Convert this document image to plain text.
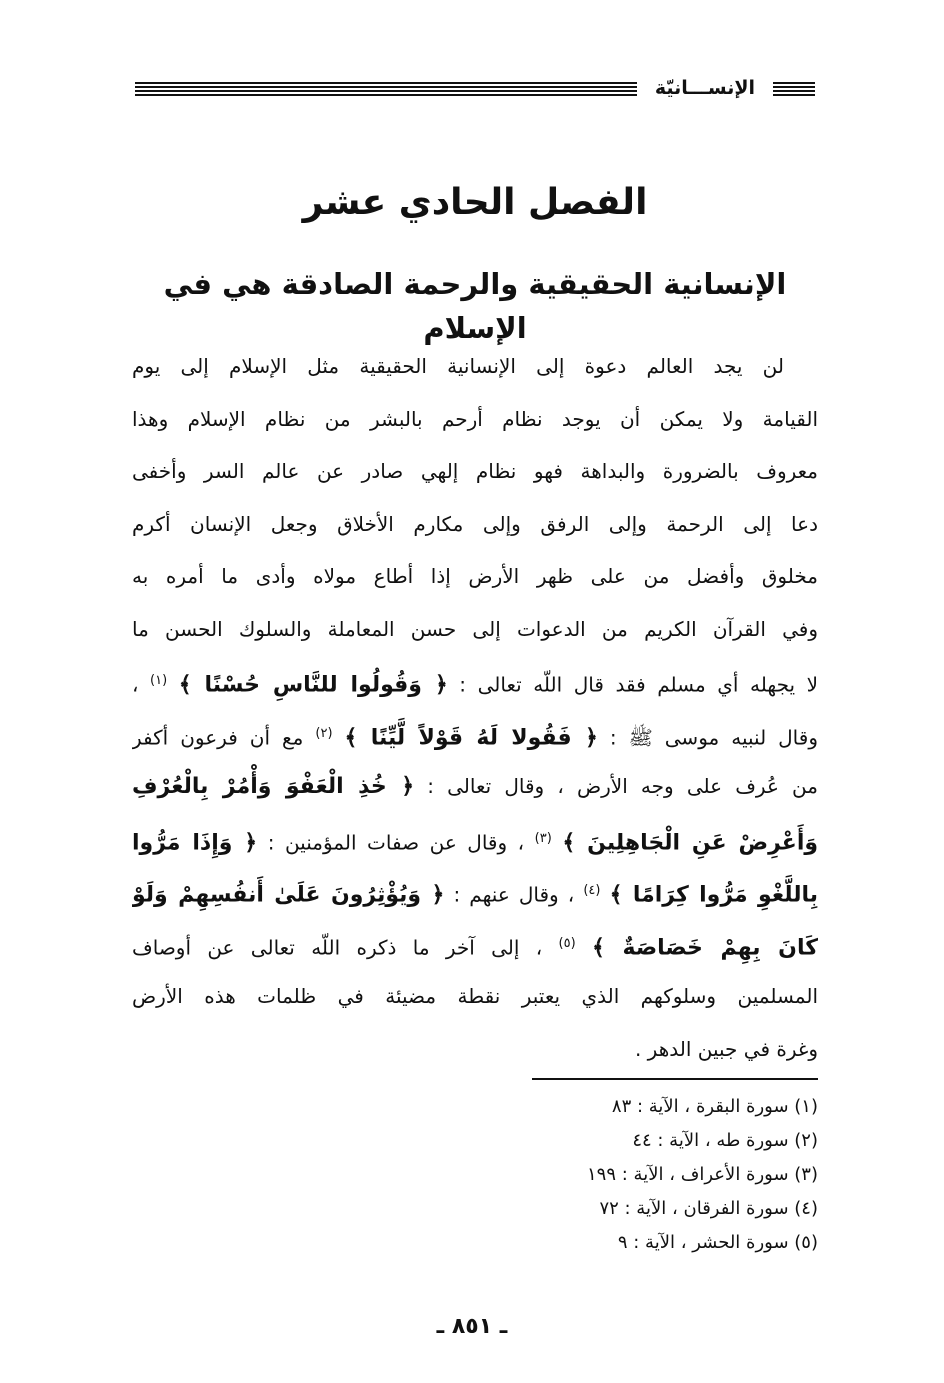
الإنســـانيّة
الفصل الحادي عشر
الإنسانية الحقيقية والرحمة الصادقة هي في الإسلام
لن يجد العالم دعوة إلى الإنسانية الحقيقية مثل الإسلام إلى يوم
القيامة ولا يمكن أن يوجد نظام أرحم بالبشر من نظام الإسلام وهذا
معروف بالضرورة والبداهة فهو نظام إلهي صادر عن عالم السر وأخفى
دعا إلى الرحمة وإلى الرفق وإلى مكارم الأخلاق وجعل الإنسان أكرم
مخلوق وأفضل من على ظهر الأرض إذا أطاع مولاه وأدى ما أمره به
وفي القرآن الكريم من الدعوات إلى حسن المعاملة والسلوك الحسن ما
لا يجهله أي مسلم فقد قال اللّه تعالى : ﴿ وَقُولُوا للنَّاسِ حُسْنًا ﴾ $^{(١)}$ ،
وقال لنبيه موسى ﷺ : ﴿ فَقُولا لَهُ قَوْلاً لَّيِّنًا ﴾ $^{(٢)}$ مع أن فرعون أكفر
من عُرف على وجه الأرض ، وقال تعالى : ﴿ خُذِ الْعَفْوَ وَأْمُرْ بِالْعُرْفِ
وَأَعْرِضْ عَنِ الْجَاهِلِينَ ﴾ $^{(٣)}$ ، وقال عن صفات المؤمنين : ﴿ وَإِذَا مَرُّوا
بِاللَّغْوِ مَرُّوا كِرَامًا ﴾ $^{(٤)}$ ، وقال عنهم : ﴿ وَيُؤْثِرُونَ عَلَىٰ أَنفُسِهِمْ وَلَوْ
كَانَ بِهِمْ خَصَاصَةٌ ﴾ $^{(٥)}$ ، إلى آخر ما ذكره اللّه تعالى عن أوصاف
المسلمين وسلوكهم الذي يعتبر نقطة مضيئة في ظلمات هذه الأرض
وغرة في جبين الدهر .
(١) سورة البقرة ، الآية : ٨٣
(٢) سورة طه ، الآية : ٤٤
(٣) سورة الأعراف ، الآية : ١٩٩
(٤) سورة الفرقان ، الآية : ٧٢
(٥) سورة الحشر ، الآية : ٩
ـ ٨٥١ ـ
